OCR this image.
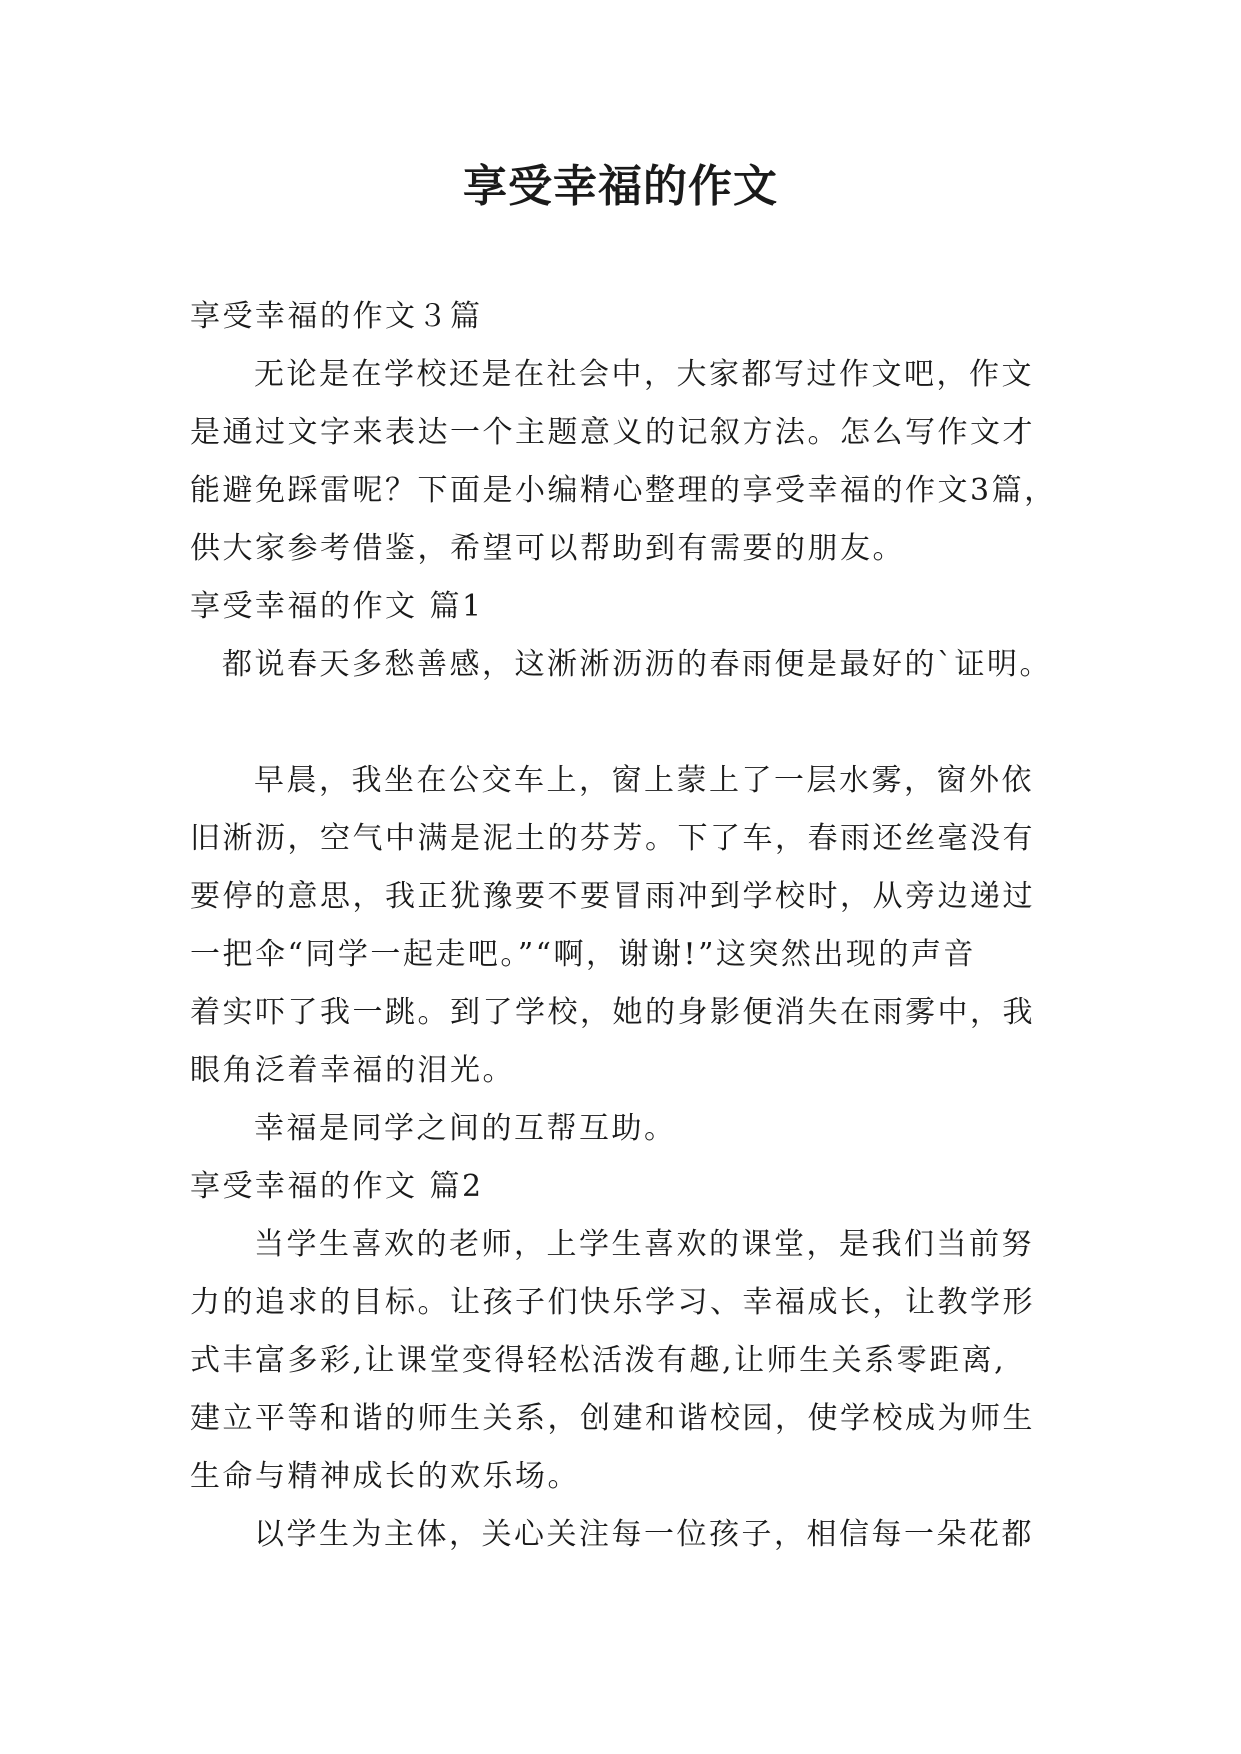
享受幸福的作文

享受幸福的作文３篇

无论是在学校还是在社会中，大家都写过作文吧，作文

是通过文字来表达一个主题意义的记叙方法。怎么写作文才

能避免踩雷呢？下面是小编精心整理的享受幸福的作文3篇，

供大家参考借鉴，希望可以帮助到有需要的朋友。

享受幸福的作文 篇1

都说春天多愁善感，这淅淅沥沥的春雨便是最好的`证明。

早晨，我坐在公交车上，窗上蒙上了一层水雾，窗外依

旧淅沥，空气中满是泥土的芬芳。下了车，春雨还丝毫没有

要停的意思，我正犹豫要不要冒雨冲到学校时，从旁边递过

一把伞“同学一起走吧。”“啊，谢谢!”这突然出现的声音

着实吓了我一跳。到了学校，她的身影便消失在雨雾中，我

眼角泛着幸福的泪光。

幸福是同学之间的互帮互助。

享受幸福的作文 篇2

当学生喜欢的老师，上学生喜欢的课堂，是我们当前努

力的追求的目标。让孩子们快乐学习、幸福成长，让教学形

式丰富多彩,让课堂变得轻松活泼有趣,让师生关系零距离,

建立平等和谐的师生关系，创建和谐校园，使学校成为师生

生命与精神成长的欢乐场。

以学生为主体，关心关注每一位孩子，相信每一朵花都
